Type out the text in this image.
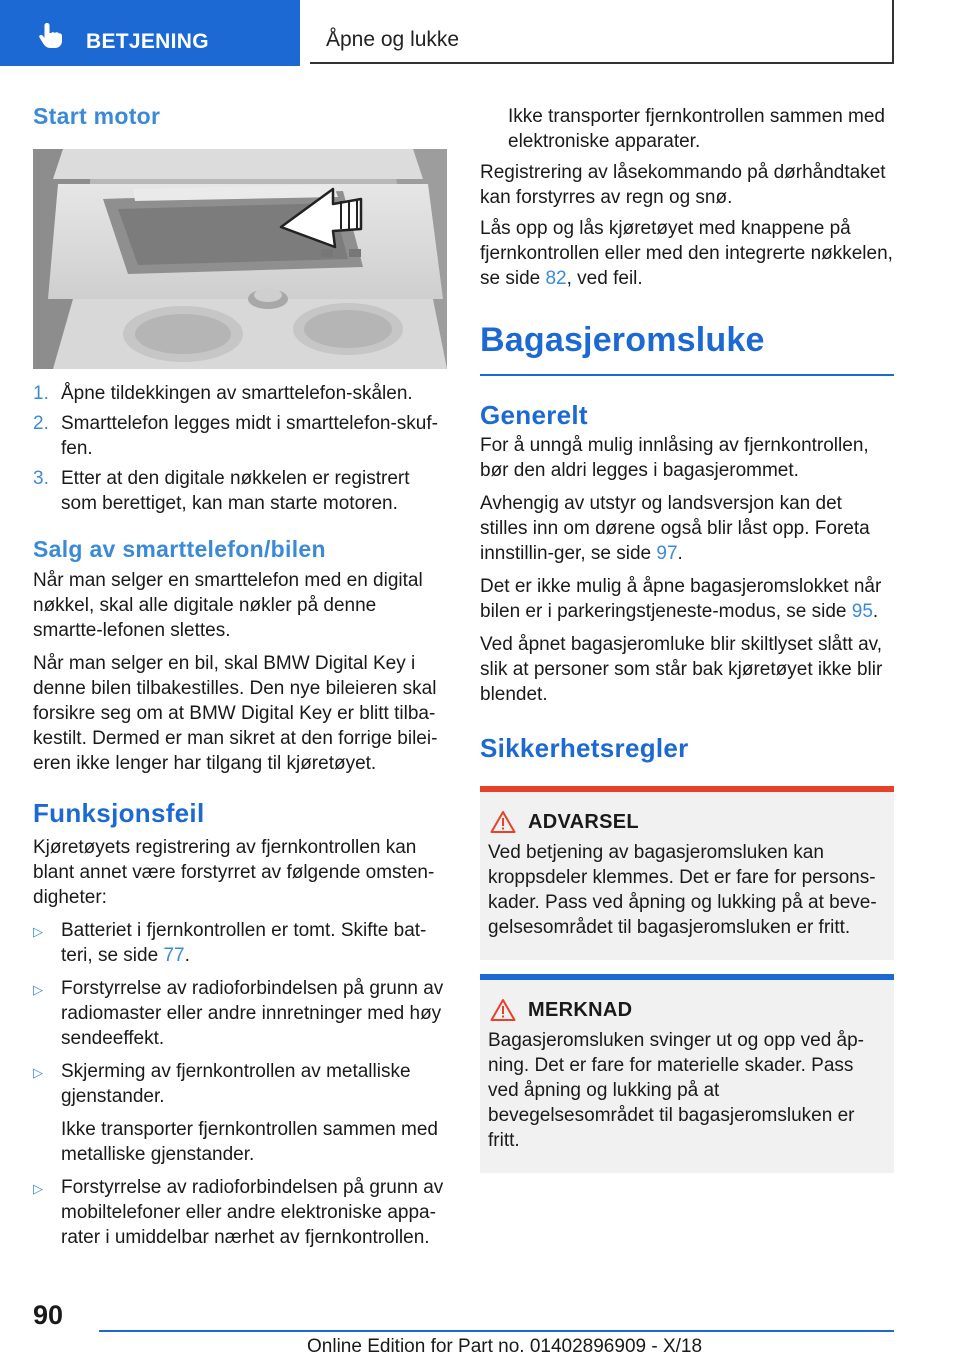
BETJENING	Åpne og lukke
Start motor
1. Åpne tildekkingen av smarttelefon-skålen.
2. Smarttelefon legges midt i smarttelefon-skuf-fen.
3. Etter at den digitale nøkkelen er registrert som berettiget, kan man starte motoren.
Salg av smarttelefon/bilen

Når man selger en smarttelefon med en digital nøkkel, skal alle digitale nøkler på denne smartte-lefonen slettes.

Når man selger en bil, skal BMW Digital Key i denne bilen tilbakestilles. Den nye bileieren skal forsikre seg om at BMW Digital Key er blitt tilba-kestilt. Dermed er man sikret at den forrige bilei-eren ikke lenger har tilgang til kjøretøyet.

Funksjonsfeil

Kjøretøyets registrering av fjernkontrollen kan blant annet være forstyrret av følgende omsten-digheter:

▷ Batteriet i fjernkontrollen er tomt. Skifte bat-teri, se side 77.
▷ Forstyrrelse av radioforbindelsen på grunn av radiomaster eller andre innretninger med høy sendeeffekt.
▷ Skjerming av fjernkontrollen av metalliske gjenstander.
Ikke transporter fjernkontrollen sammen med metalliske gjenstander.
▷ Forstyrrelse av radioforbindelsen på grunn av mobiltelefoner eller andre elektroniske appa-rater i umiddelbar nærhet av fjernkontrollen.

Ikke transporter fjernkontrollen sammen med elektroniske apparater.

Registrering av låsekommando på dørhåndtaket kan forstyrres av regn og snø.

Lås opp og lås kjøretøyet med knappene på fjernkontrollen eller med den integrerte nøkkelen, se side 82, ved feil.

Bagasjeromsluke
Generelt

For å unngå mulig innlåsing av fjernkontrollen, bør den aldri legges i bagasjerommet.

Avhengig av utstyr og landsversjon kan det stilles inn om dørene også blir låst opp. Foreta innstillin-ger, se side 97.

Det er ikke mulig å åpne bagasjeromslokket når bilen er i parkeringstjeneste-modus, se side 95.

Ved åpnet bagasjeromluke blir skiltlyset slått av, slik at personer som står bak kjøretøyet ikke blir blendet.

Sikkerhetsregler
ADVARSEL

Ved betjening av bagasjeromsluken kan kroppsdeler klemmes. Det er fare for persons-kader. Pass ved åpning og lukking på at beve-gelsesområdet til bagasjeromsluken er fritt.

MERKNAD

Bagasjeromsluken svinger ut og opp ved åp-ning. Det er fare for materielle skader. Pass ved åpning og lukking på at bevegelsesområdet til bagasjeromsluken er fritt.

90
Online Edition for Part no. 01402896909 - X/18
